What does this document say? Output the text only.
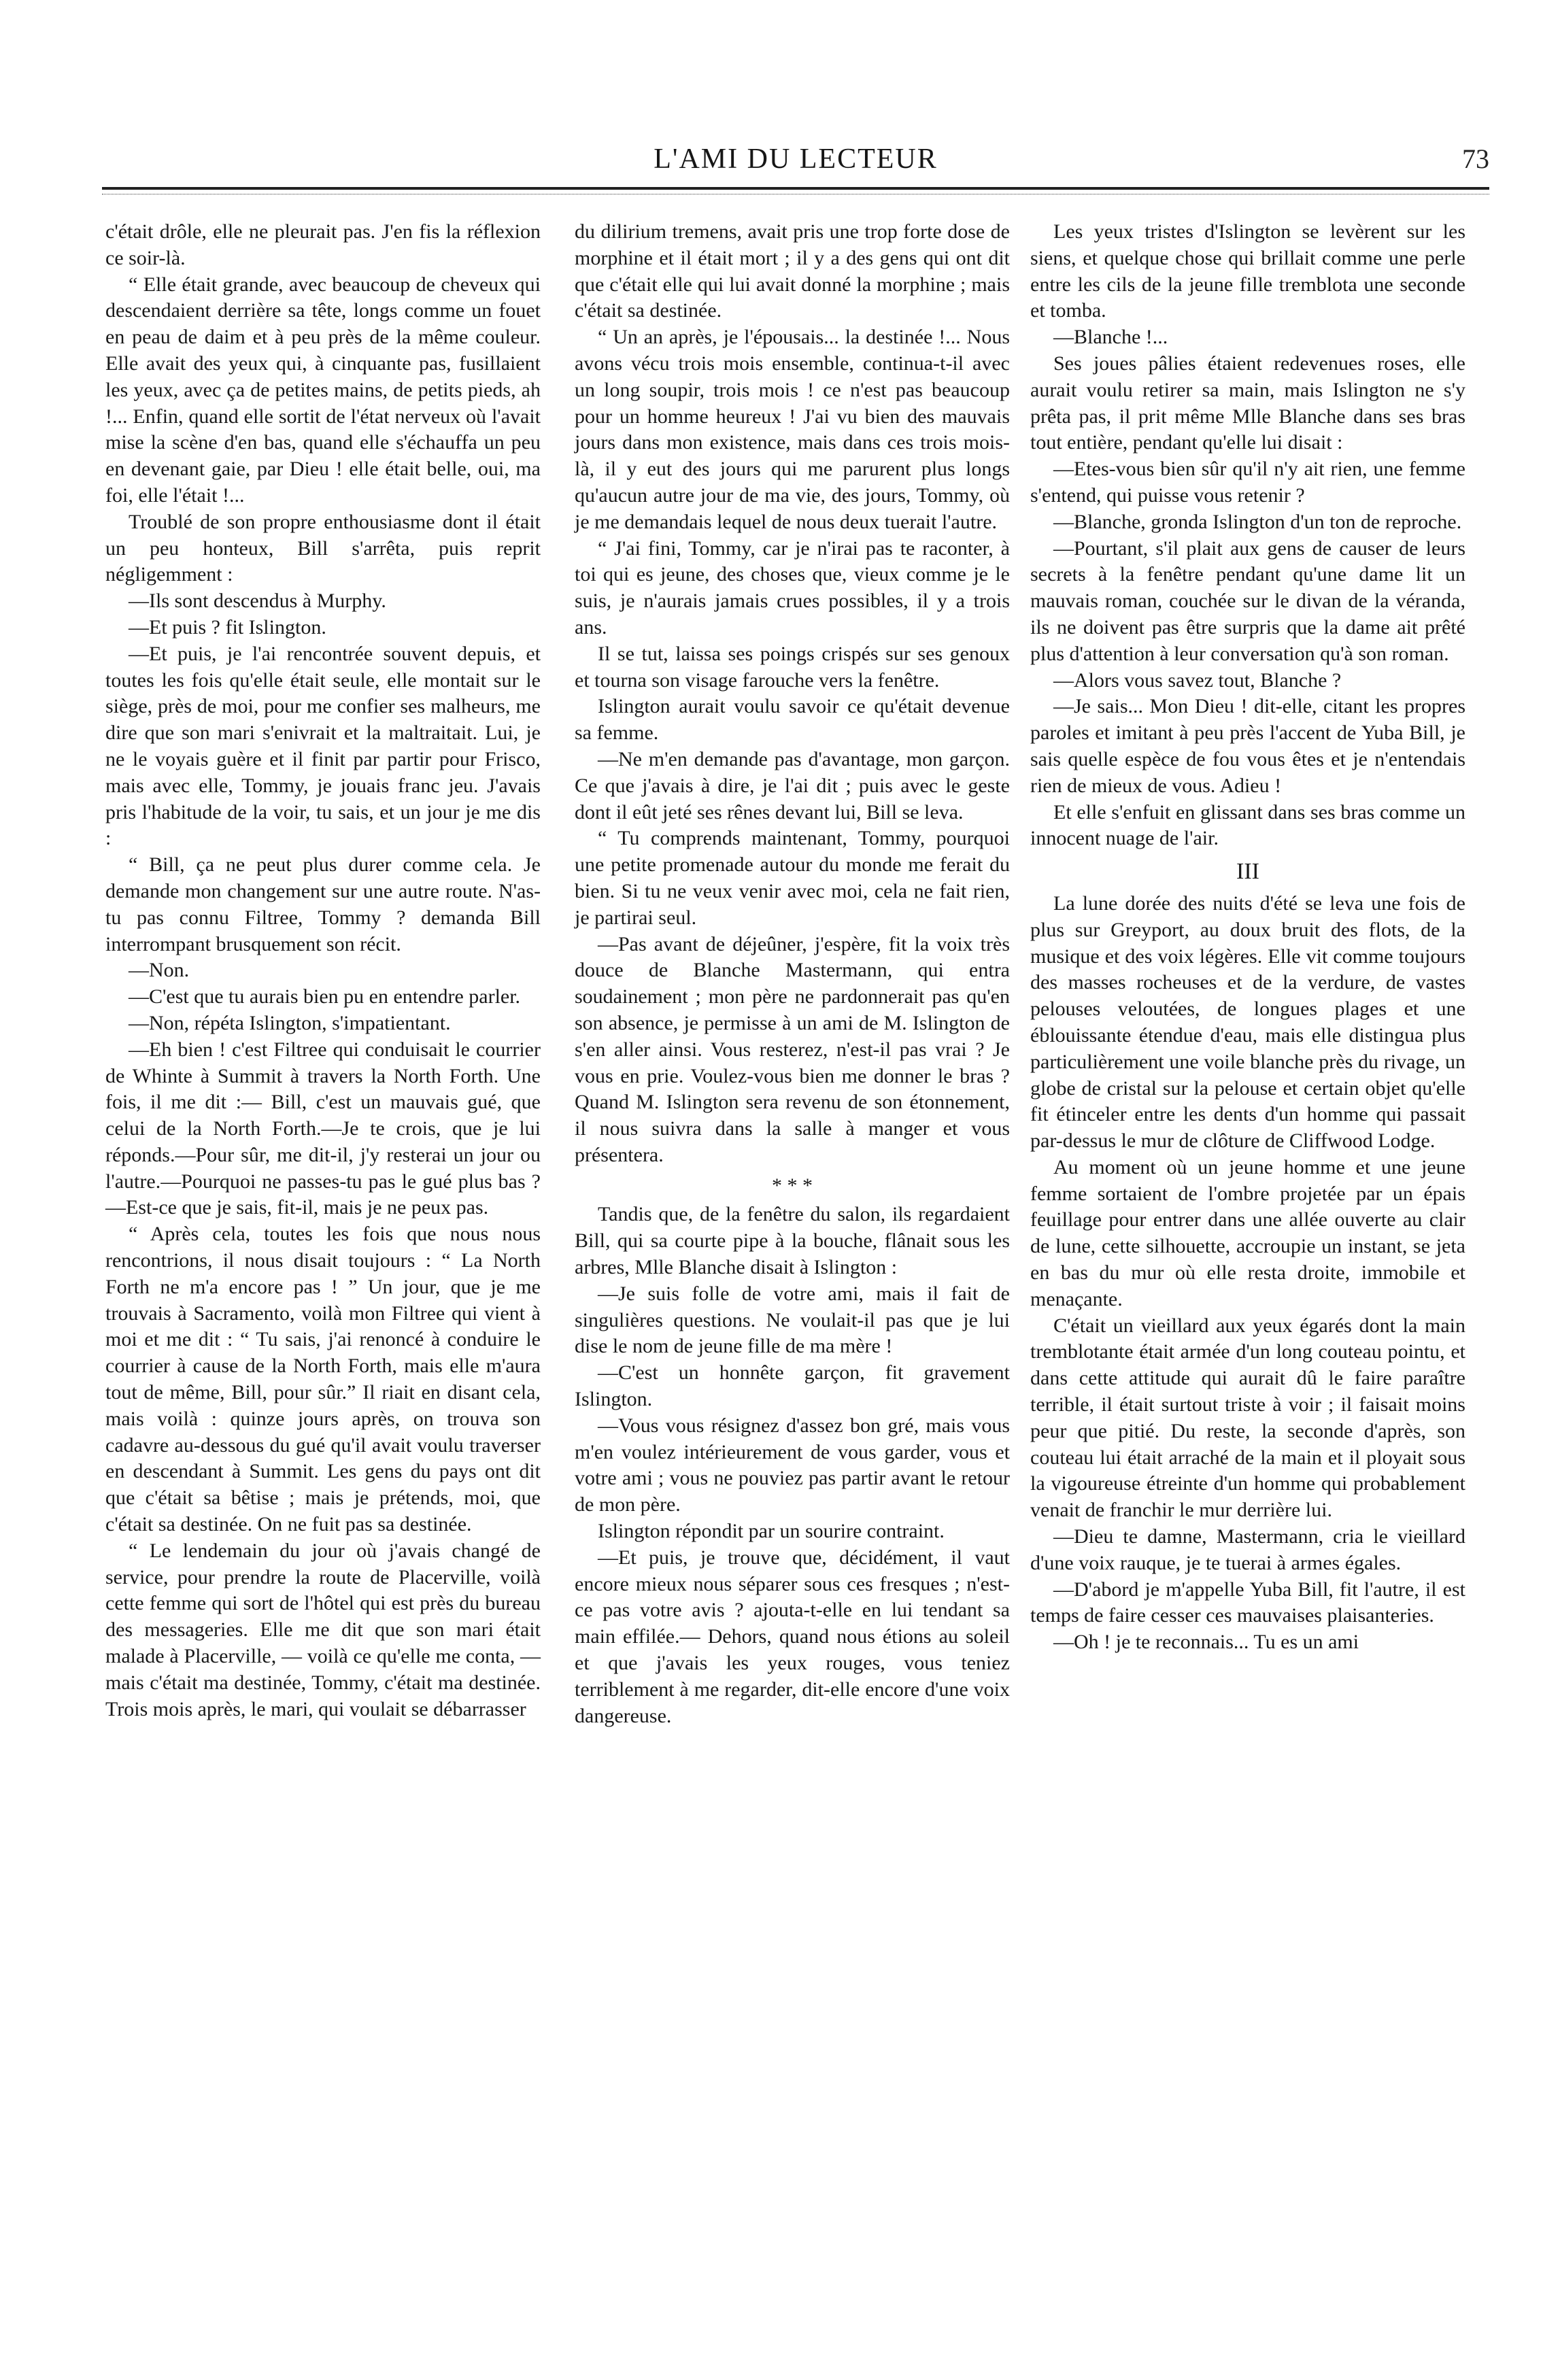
L'AMI DU LECTEUR	73

c'était drôle, elle ne pleurait pas. J'en fis la réflexion ce soir-là.

“ Elle était grande, avec beaucoup de cheveux qui descendaient derrière sa tête, longs comme un fouet en peau de daim et à peu près de la même couleur. Elle avait des yeux qui, à cinquante pas, fusillaient les yeux, avec ça de petites mains, de petits pieds, ah !... Enfin, quand elle sortit de l'état nerveux où l'avait mise la scène d'en bas, quand elle s'échauffa un peu en devenant gaie, par Dieu ! elle était belle, oui, ma foi, elle l'était !...

Troublé de son propre enthousiasme dont il était un peu honteux, Bill s'arrêta, puis reprit négligemment :

—Ils sont descendus à Murphy.

—Et puis ? fit Islington.

—Et puis, je l'ai rencontrée souvent depuis, et toutes les fois qu'elle était seule, elle montait sur le siège, près de moi, pour me confier ses malheurs, me dire que son mari s'enivrait et la maltraitait. Lui, je ne le voyais guère et il finit par partir pour Frisco, mais avec elle, Tommy, je jouais franc jeu. J'avais pris l'habitude de la voir, tu sais, et un jour je me dis :

“ Bill, ça ne peut plus durer comme cela. Je demande mon changement sur une autre route. N'as-tu pas connu Filtree, Tommy ? demanda Bill interrompant brusquement son récit.

—Non.

—C'est que tu aurais bien pu en entendre parler.

—Non, répéta Islington, s'impatientant.

—Eh bien ! c'est Filtree qui conduisait le courrier de Whinte à Summit à travers la North Forth. Une fois, il me dit :— Bill, c'est un mauvais gué, que celui de la North Forth.—Je te crois, que je lui réponds.—Pour sûr, me dit-il, j'y resterai un jour ou l'autre.—Pourquoi ne passes-tu pas le gué plus bas ?—Est-ce que je sais, fit-il, mais je ne peux pas.

“ Après cela, toutes les fois que nous nous rencontrions, il nous disait toujours : “ La North Forth ne m'a encore pas ! ” Un jour, que je me trouvais à Sacramento, voilà mon Filtree qui vient à moi et me dit : “ Tu sais, j'ai renoncé à conduire le courrier à cause de la North Forth, mais elle m'aura tout de même, Bill, pour sûr.” Il riait en disant cela, mais voilà : quinze jours après, on trouva son cadavre au-dessous du gué qu'il avait voulu traverser en descendant à Summit. Les gens du pays ont dit que c'était sa bêtise ; mais je prétends, moi, que c'était sa destinée. On ne fuit pas sa destinée.

“ Le lendemain du jour où j'avais changé de service, pour prendre la route de Placerville, voilà cette femme qui sort de l'hôtel qui est près du bureau des messageries. Elle me dit que son mari était malade à Placerville, — voilà ce qu'elle me conta, — mais c'était ma destinée, Tommy, c'était ma destinée. Trois mois après, le mari, qui voulait se débarrasser

du dilirium tremens, avait pris une trop forte dose de morphine et il était mort ; il y a des gens qui ont dit que c'était elle qui lui avait donné la morphine ; mais c'était sa destinée.

“ Un an après, je l'épousais... la destinée !... Nous avons vécu trois mois ensemble, continua-t-il avec un long soupir, trois mois ! ce n'est pas beaucoup pour un homme heureux ! J'ai vu bien des mauvais jours dans mon existence, mais dans ces trois mois-là, il y eut des jours qui me parurent plus longs qu'aucun autre jour de ma vie, des jours, Tommy, où je me demandais lequel de nous deux tuerait l'autre.

“ J'ai fini, Tommy, car je n'irai pas te raconter, à toi qui es jeune, des choses que, vieux comme je le suis, je n'aurais jamais crues possibles, il y a trois ans.

Il se tut, laissa ses poings crispés sur ses genoux et tourna son visage farouche vers la fenêtre.

Islington aurait voulu savoir ce qu'était devenue sa femme.

—Ne m'en demande pas d'avantage, mon garçon. Ce que j'avais à dire, je l'ai dit ; puis avec le geste dont il eût jeté ses rênes devant lui, Bill se leva.

“ Tu comprends maintenant, Tommy, pourquoi une petite promenade autour du monde me ferait du bien. Si tu ne veux venir avec moi, cela ne fait rien, je partirai seul.

—Pas avant de déjeûner, j'espère, fit la voix très douce de Blanche Mastermann, qui entra soudainement ; mon père ne pardonnerait pas qu'en son absence, je permisse à un ami de M. Islington de s'en aller ainsi. Vous resterez, n'est-il pas vrai ? Je vous en prie. Voulez-vous bien me donner le bras ? Quand M. Islington sera revenu de son étonnement, il nous suivra dans la salle à manger et vous présentera.

* * *

Tandis que, de la fenêtre du salon, ils regardaient Bill, qui sa courte pipe à la bouche, flânait sous les arbres, Mlle Blanche disait à Islington :

—Je suis folle de votre ami, mais il fait de singulières questions. Ne voulait-il pas que je lui dise le nom de jeune fille de ma mère !

—C'est un honnête garçon, fit gravement Islington.

—Vous vous résignez d'assez bon gré, mais vous m'en voulez intérieurement de vous garder, vous et votre ami ; vous ne pouviez pas partir avant le retour de mon père.

Islington répondit par un sourire contraint.

—Et puis, je trouve que, décidément, il vaut encore mieux nous séparer sous ces fresques ; n'est-ce pas votre avis ? ajouta-t-elle en lui tendant sa main effilée.— Dehors, quand nous étions au soleil et que j'avais les yeux rouges, vous teniez terriblement à me regarder, dit-elle encore d'une voix dangereuse.

Les yeux tristes d'Islington se levèrent sur les siens, et quelque chose qui brillait comme une perle entre les cils de la jeune fille tremblota une seconde et tomba.

—Blanche !...

Ses joues pâlies étaient redevenues roses, elle aurait voulu retirer sa main, mais Islington ne s'y prêta pas, il prit même Mlle Blanche dans ses bras tout entière, pendant qu'elle lui disait :

—Etes-vous bien sûr qu'il n'y ait rien, une femme s'entend, qui puisse vous retenir ?

—Blanche, gronda Islington d'un ton de reproche.

—Pourtant, s'il plait aux gens de causer de leurs secrets à la fenêtre pendant qu'une dame lit un mauvais roman, couchée sur le divan de la véranda, ils ne doivent pas être surpris que la dame ait prêté plus d'attention à leur conversation qu'à son roman.

—Alors vous savez tout, Blanche ?

—Je sais... Mon Dieu ! dit-elle, citant les propres paroles et imitant à peu près l'accent de Yuba Bill, je sais quelle espèce de fou vous êtes et je n'entendais rien de mieux de vous. Adieu !

Et elle s'enfuit en glissant dans ses bras comme un innocent nuage de l'air.

III

La lune dorée des nuits d'été se leva une fois de plus sur Greyport, au doux bruit des flots, de la musique et des voix légères. Elle vit comme toujours des masses rocheuses et de la verdure, de vastes pelouses veloutées, de longues plages et une éblouissante étendue d'eau, mais elle distingua plus particulièrement une voile blanche près du rivage, un globe de cristal sur la pelouse et certain objet qu'elle fit étinceler entre les dents d'un homme qui passait par-dessus le mur de clôture de Cliffwood Lodge.

Au moment où un jeune homme et une jeune femme sortaient de l'ombre projetée par un épais feuillage pour entrer dans une allée ouverte au clair de lune, cette silhouette, accroupie un instant, se jeta en bas du mur où elle resta droite, immobile et menaçante.

C'était un vieillard aux yeux égarés dont la main tremblotante était armée d'un long couteau pointu, et dans cette attitude qui aurait dû le faire paraître terrible, il était surtout triste à voir ; il faisait moins peur que pitié. Du reste, la seconde d'après, son couteau lui était arraché de la main et il ployait sous la vigoureuse étreinte d'un homme qui probablement venait de franchir le mur derrière lui.

—Dieu te damne, Mastermann, cria le vieillard d'une voix rauque, je te tuerai à armes égales.

—D'abord je m'appelle Yuba Bill, fit l'autre, il est temps de faire cesser ces mauvaises plaisanteries.

—Oh ! je te reconnais... Tu es un ami
